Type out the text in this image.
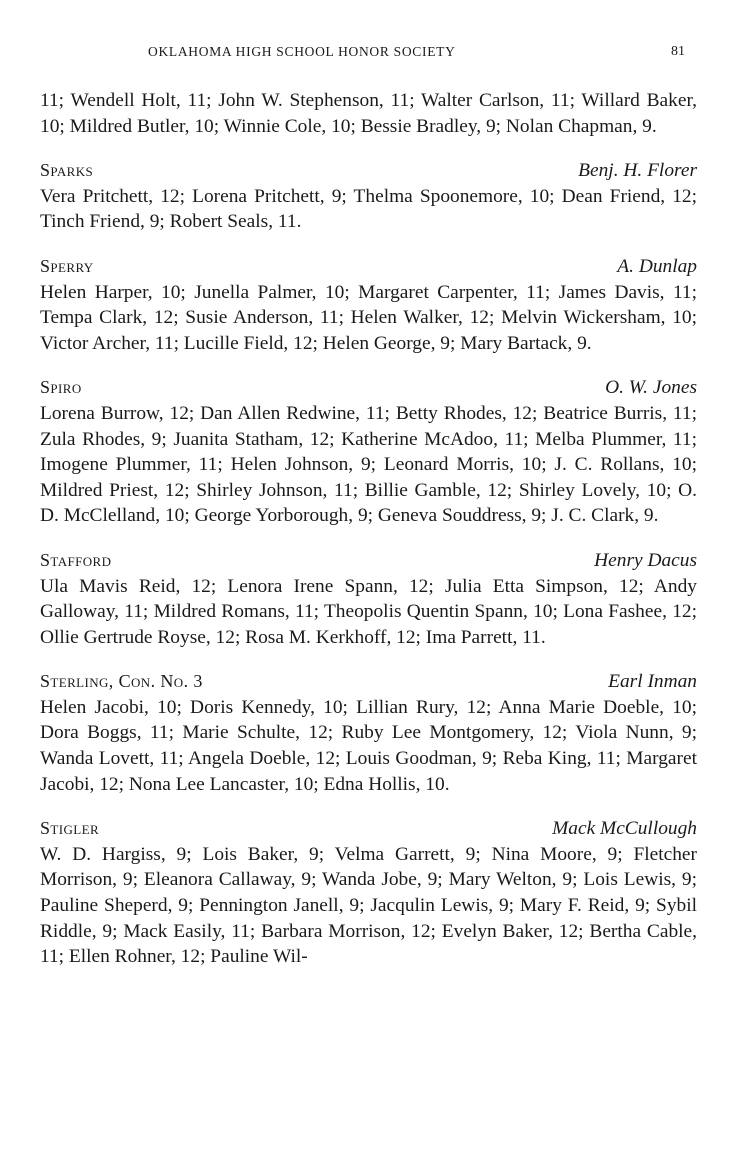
OKLAHOMA HIGH SCHOOL HONOR SOCIETY	81

11; Wendell Holt, 11; John W. Stephenson, 11; Walter Carlson, 11; Willard Baker, 10; Mildred Butler, 10; Winnie Cole, 10; Bessie Bradley, 9; Nolan Chapman, 9.

Sparks	Benj. H. Florer
Vera Pritchett, 12; Lorena Pritchett, 9; Thelma Spoonemore, 10; Dean Friend, 12; Tinch Friend, 9; Robert Seals, 11.
Sperry	A. Dunlap
Helen Harper, 10; Junella Palmer, 10; Margaret Carpenter, 11; James Davis, 11; Tempa Clark, 12; Susie Anderson, 11; Helen Walker, 12; Melvin Wickersham, 10; Victor Archer, 11; Lucille Field, 12; Helen George, 9; Mary Bartack, 9.
Spiro	O. W. Jones
Lorena Burrow, 12; Dan Allen Redwine, 11; Betty Rhodes, 12; Beatrice Burris, 11; Zula Rhodes, 9; Juanita Statham, 12; Katherine McAdoo, 11; Melba Plummer, 11; Imogene Plummer, 11; Helen Johnson, 9; Leonard Morris, 10; J. C. Rollans, 10; Mildred Priest, 12; Shirley Johnson, 11; Billie Gamble, 12; Shirley Lovely, 10; O. D. McClelland, 10; George Yorborough, 9; Geneva Souddress, 9; J. C. Clark, 9.
Stafford	Henry Dacus
Ula Mavis Reid, 12; Lenora Irene Spann, 12; Julia Etta Simpson, 12; Andy Galloway, 11; Mildred Romans, 11; Theopolis Quentin Spann, 10; Lona Fashee, 12; Ollie Gertrude Royse, 12; Rosa M. Kerkhoff, 12; Ima Parrett, 11.
Sterling, Con. No. 3	Earl Inman
Helen Jacobi, 10; Doris Kennedy, 10; Lillian Rury, 12; Anna Marie Doeble, 10; Dora Boggs, 11; Marie Schulte, 12; Ruby Lee Montgomery, 12; Viola Nunn, 9; Wanda Lovett, 11; Angela Doeble, 12; Louis Goodman, 9; Reba King, 11; Margaret Jacobi, 12; Nona Lee Lancaster, 10; Edna Hollis, 10.
Stigler	Mack McCullough
W. D. Hargiss, 9; Lois Baker, 9; Velma Garrett, 9; Nina Moore, 9; Fletcher Morrison, 9; Eleanora Callaway, 9; Wanda Jobe, 9; Mary Welton, 9; Lois Lewis, 9; Pauline Sheperd, 9; Pennington Janell, 9; Jacqulin Lewis, 9; Mary F. Reid, 9; Sybil Riddle, 9; Mack Easily, 11; Barbara Morrison, 12; Evelyn Baker, 12; Bertha Cable, 11; Ellen Rohner, 12; Pauline Wil-
